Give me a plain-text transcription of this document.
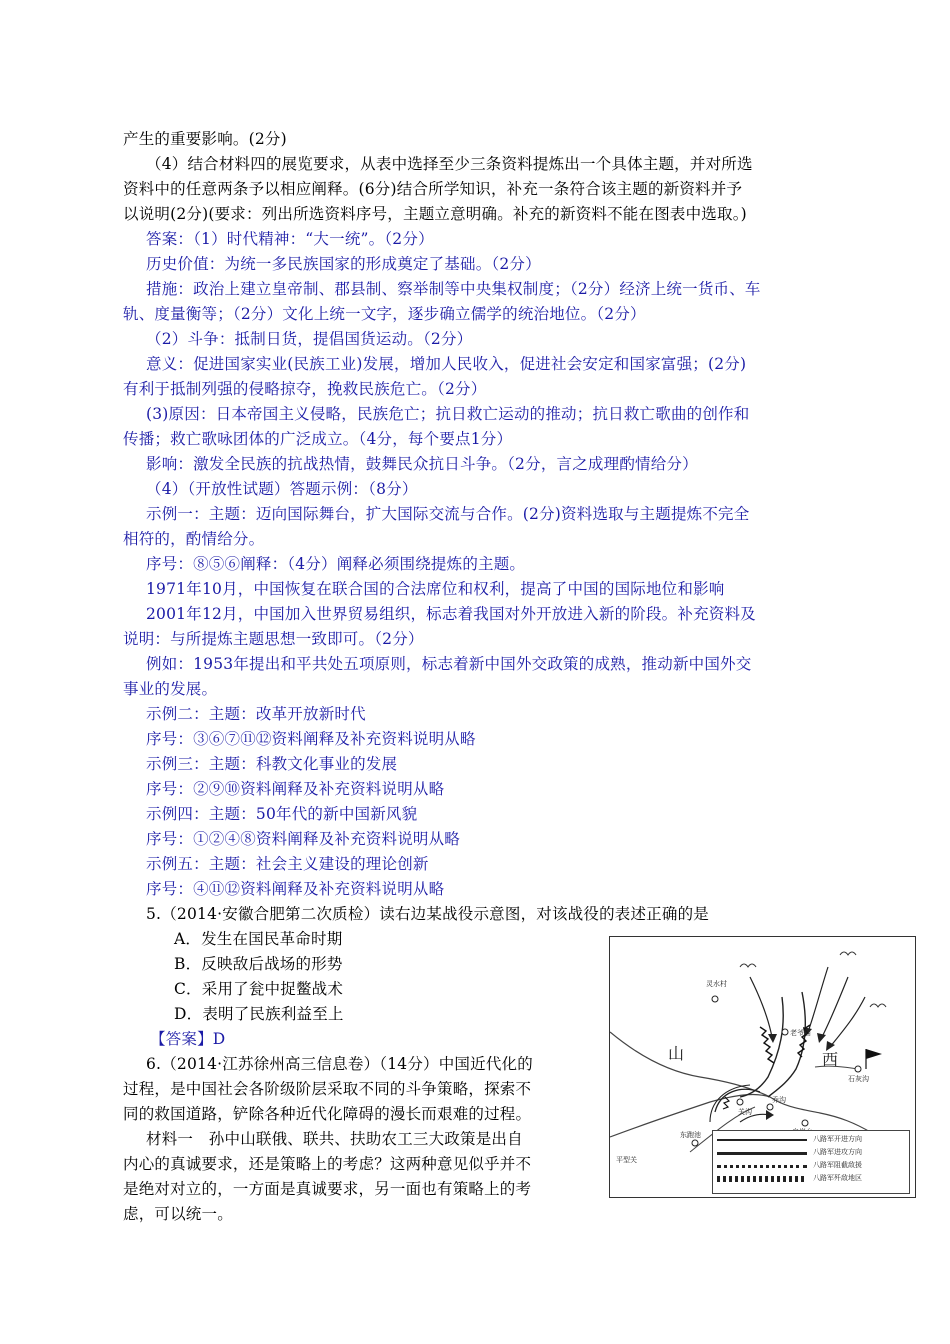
产生的重要影响。(2分)
（4）结合材料四的展览要求，从表中选择至少三条资料提炼出一个具体主题，并对所选
资料中的任意两条予以相应阐释。(6分)结合所学知识，补充一条符合该主题的新资料并予
以说明(2分)(要求：列出所选资料序号，主题立意明确。补充的新资料不能在图表中选取。)
答案：（1）时代精神：“大一统”。（2分）
历史价值：为统一多民族国家的形成奠定了基础。（2分）
措施：政治上建立皇帝制、郡县制、察举制等中央集权制度；（2分）经济上统一货币、车
轨、度量衡等；（2分）文化上统一文字，逐步确立儒学的统治地位。（2分）
（2）斗争：抵制日货，提倡国货运动。（2分）
意义：促进国家实业(民族工业)发展，增加人民收入，促进社会安定和国家富强；(2分)
有利于抵制列强的侵略掠夺，挽救民族危亡。（2分）
(3)原因：日本帝国主义侵略，民族危亡；抗日救亡运动的推动；抗日救亡歌曲的创作和
传播；救亡歌咏团体的广泛成立。（4分，每个要点1分）
影响：激发全民族的抗战热情，鼓舞民众抗日斗争。（2分，言之成理酌情给分）
（4）（开放性试题）答题示例：（8分）
示例一：主题：迈向国际舞台，扩大国际交流与合作。(2分)资料选取与主题提炼不完全
相符的，酌情给分。
序号：⑧⑤⑥阐释：（4分）阐释必须围绕提炼的主题。
1971年10月，中国恢复在联合国的合法席位和权利，提高了中国的国际地位和影响
2001年12月，中国加入世界贸易组织，标志着我国对外开放进入新的阶段。补充资料及
说明：与所提炼主题思想一致即可。（2分）
例如：1953年提出和平共处五项原则，标志着新中国外交政策的成熟，推动新中国外交
事业的发展。
示例二：主题：改革开放新时代
序号：③⑥⑦⑪⑫资料阐释及补充资料说明从略
示例三：主题：科教文化事业的发展
序号：②⑨⑩资料阐释及补充资料说明从略
示例四：主题：50年代的新中国新风貌
序号：①②④⑧资料阐释及补充资料说明从略
示例五：主题：社会主义建设的理论创新
序号：④⑪⑫资料阐释及补充资料说明从略
5.（2014·安徽合肥第二次质检）读右边某战役示意图，对该战役的表述正确的是
A．发生在国民革命时期
B．反映敌后战场的形势
C．采用了瓮中捉鳖战术
D．表明了民族利益至上
【答案】D
6.（2014·江苏徐州高三信息卷）（14分）中国近代化的
过程，是中国社会各阶级阶层采取不同的斗争策略，探索不
同的救国道路，铲除各种近代化障碍的漫长而艰难的过程。
材料一　孙中山联俄、联共、扶助农工三大政策是出自
内心的真诚要求，还是策略上的考虑？这两种意见似乎并不
是绝对对立的，一方面是真诚要求，另一面也有策略上的考
虑，可以统一。
灵水村
老爷庙
关沟
乔沟
东跑池
石灰沟
平型关
山	西
八路军开进方向
八路军进攻方向
八路军阻截敌援
八路军歼敌地区
